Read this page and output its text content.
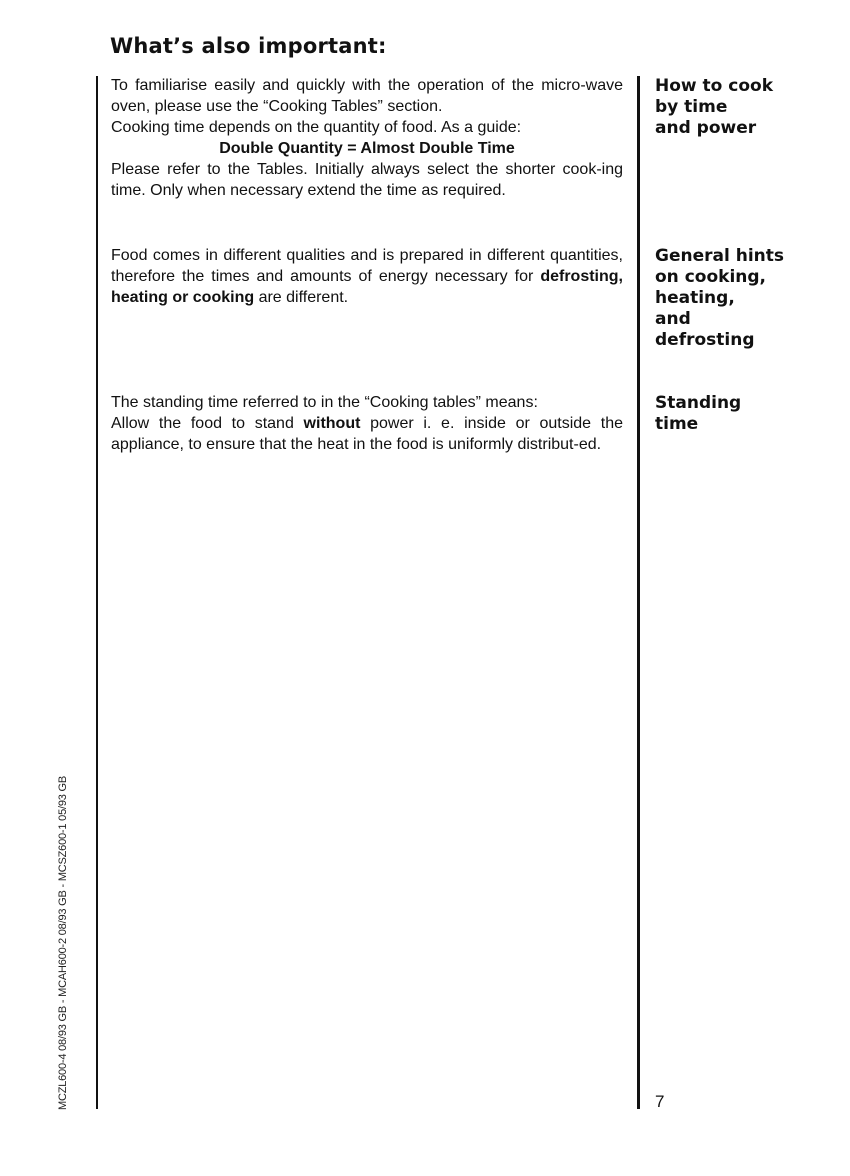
What’s also important:

To familiarise easily and quickly with the operation of the micro-wave oven, please use the “Cooking Tables” section.

Cooking time depends on the quantity of food. As a guide:

Double Quantity = Almost Double Time

Please refer to the Tables. Initially always select the shorter cook-ing time. Only when necessary extend the time as required.

How to cook
by time
and power

Food comes in different qualities and is prepared in different quantities, therefore the times and amounts of energy necessary for defrosting, heating or cooking are different.

General hints
on cooking,
heating,
and
defrosting

The standing time referred to in the “Cooking tables” means:

Allow the food to stand without power i. e. inside or outside the appliance, to ensure that the heat in the food is uniformly distribut-ed.

Standing
time
7
MCZL600-4 08/93 GB - MCAH600-2 08/93 GB - MCSZ600-1 05/93 GB
